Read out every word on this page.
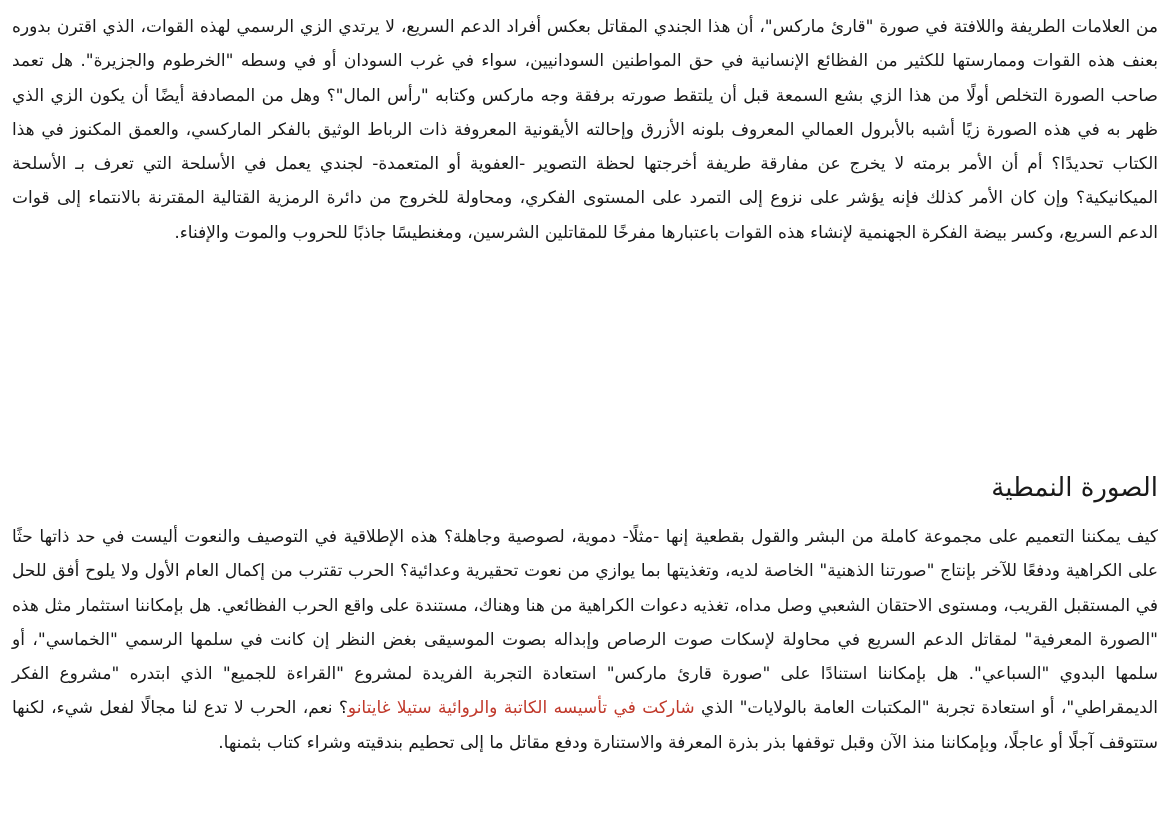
من العلامات الطريفة واللافتة في صورة "قارئ ماركس"، أن هذا الجندي المقاتل بعكس أفراد الدعم السريع، لا يرتدي الزي الرسمي لهذه القوات، الذي اقترن بدوره بعنف هذه القوات وممارستها للكثير من الفظائع الإنسانية في حق المواطنين السودانيين، سواء في غرب السودان أو في وسطه "الخرطوم والجزيرة". هل تعمد صاحب الصورة التخلص أولًا من هذا الزي بشع السمعة قبل أن يلتقط صورته برفقة وجه ماركس وكتابه "رأس المال"؟ وهل من المصادفة أيضًا أن يكون الزي الذي ظهر به في هذه الصورة زيًا أشبه بالأبرول العمالي المعروف بلونه الأزرق وإحالته الأيقونية المعروفة ذات الرباط الوثيق بالفكر الماركسي، والعمق المكنوز في هذا الكتاب تحديدًا؟ أم أن الأمر برمته لا يخرج عن مفارقة طريفة أخرجتها لحظة التصوير -العفوية أو المتعمدة- لجندي يعمل في الأسلحة التي تعرف بـ الأسلحة الميكانيكية؟ وإن كان الأمر كذلك فإنه يؤشر على نزوع إلى التمرد على المستوى الفكري، ومحاولة للخروج من دائرة الرمزية القتالية المقترنة بالانتماء إلى قوات الدعم السريع، وكسر بيضة الفكرة الجهنمية لإنشاء هذه القوات باعتبارها مفرخًا للمقاتلين الشرسين، ومغنطيسًا جاذبًا للحروب والموت والإفناء.

الصورة النمطية

كيف يمكننا التعميم على مجموعة كاملة من البشر والقول بقطعية إنها -مثلًا- دموية، لصوصية وجاهلة؟ هذه الإطلاقية في التوصيف والنعوت أليست في حد ذاتها حثًا على الكراهية ودفعًا للآخر بإنتاج "صورتنا الذهنية" الخاصة لديه، وتغذيتها بما يوازي من نعوت تحقيرية وعدائية؟ الحرب تقترب من إكمال العام الأول ولا يلوح أفق للحل في المستقبل القريب، ومستوى الاحتقان الشعبي وصل مداه، تغذيه دعوات الكراهية من هنا وهناك، مستندة على واقع الحرب الفظائعي. هل بإمكاننا استثمار مثل هذه "الصورة المعرفية" لمقاتل الدعم السريع في محاولة لإسكات صوت الرصاص وإبداله بصوت الموسيقى بغض النظر إن كانت في سلمها الرسمي "الخماسي"، أو سلمها البدوي "السباعي". هل بإمكاننا استنادًا على "صورة قارئ ماركس" استعادة التجربة الفريدة لمشروع "القراءة للجميع" الذي ابتدره "مشروع الفكر الديمقراطي"، أو استعادة تجربة "المكتبات العامة بالولايات" الذي شاركت في تأسيسه الكاتبة والروائية ستيلا غايتانو؟ نعم، الحرب لا تدع لنا مجالًا لفعل شيء، لكنها ستتوقف آجلًا أو عاجلًا، وبإمكاننا منذ الآن وقبل توقفها بذر بذرة المعرفة والاستنارة ودفع مقاتل ما إلى تحطيم بندقيته وشراء كتاب بثمنها.
